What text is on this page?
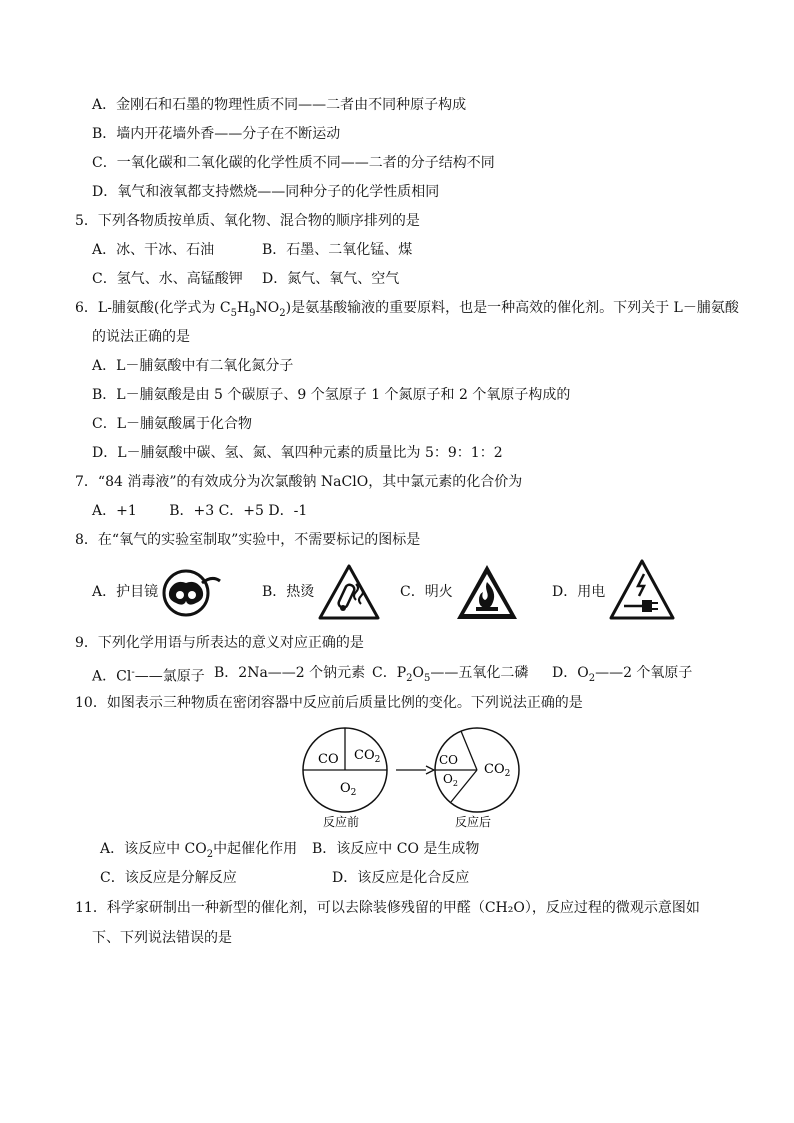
A．金刚石和石墨的物理性质不同——二者由不同种原子构成
B．墙内开花墙外香——分子在不断运动
C．一氧化碳和二氧化碳的化学性质不同——二者的分子结构不同
D．氧气和液氧都支持燃烧——同种分子的化学性质相同
5．下列各物质按单质、氧化物、混合物的顺序排列的是
A．冰、干冰、石油	B．石墨、二氧化锰、煤
C．氢气、水、高锰酸钾 D．氮气、氧气、空气
6．L-脯氨酸(化学式为 $C_5H_9NO_2$)是氨基酸输液的重要原料，也是一种高效的催化剂。下列关于 L－脯氨酸
的说法正确的是
A．L－脯氨酸中有二氧化氮分子
B．L－脯氨酸是由 5 个碳原子、9 个氢原子 1 个氮原子和 2 个氧原子构成的
C．L－脯氨酸属于化合物
D．L－脯氨酸中碳、氢、氮、氧四种元素的质量比为 5：9：1：2
7．“84 消毒液”的有效成分为次氯酸钠 NaClO，其中氯元素的化合价为
A．+1　　 B．+3 C．+5 D．-1
8．在“氧气的实验室制取”实验中，不需要标记的图标是
A．护目镜	B．热烫	C．明火	D．用电
9．下列化学用语与所表达的意义对应正确的是
A．Cl-——氯原子 B．2Na——2 个钠元素 C．$P_2O_5——$五氧化二磷 D．$O_2——2$ 个氧原子
10．如图表示三种物质在密闭容器中反应前后质量比例的变化。下列说法正确的是
CO $CO_2$
$O_2$
反应前
CO
$O_2$
$CO_2$
反应后
A．该反应中 $CO_2$中起催化作用 B．该反应中 CO 是生成物
C．该反应是分解反应	D．该反应是化合反应
11．科学家研制出一种新型的催化剂，可以去除装修残留的甲醛（CH₂O），反应过程的微观示意图如
下、下列说法错误的是
